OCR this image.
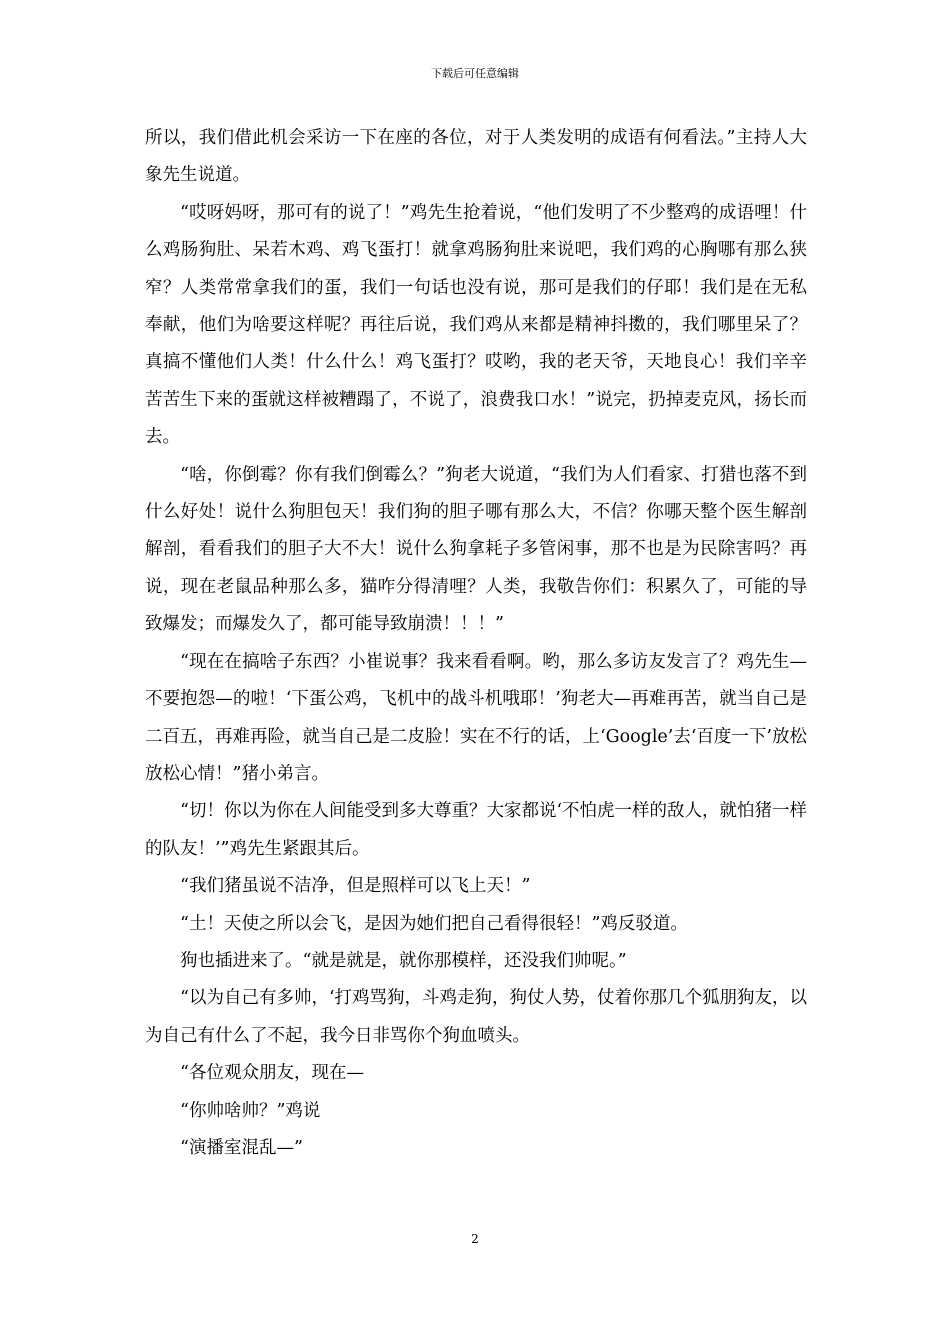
下载后可任意编辑

所以，我们借此机会采访一下在座的各位，对于人类发明的成语有何看法。”主持人大象先生说道。

“哎呀妈呀，那可有的说了！”鸡先生抢着说，“他们发明了不少整鸡的成语哩！什么鸡肠狗肚、呆若木鸡、鸡飞蛋打！就拿鸡肠狗肚来说吧，我们鸡的心胸哪有那么狭窄？人类常常拿我们的蛋，我们一句话也没有说，那可是我们的仔耶！我们是在无私奉献，他们为啥要这样呢？再往后说，我们鸡从来都是精神抖擞的，我们哪里呆了？真搞不懂他们人类！什么什么！鸡飞蛋打？哎哟，我的老天爷，天地良心！我们辛辛苦苦生下来的蛋就这样被糟蹋了，不说了，浪费我口水！”说完，扔掉麦克风，扬长而去。

“啥，你倒霉？你有我们倒霉么？”狗老大说道，“我们为人们看家、打猎也落不到什么好处！说什么狗胆包天！我们狗的胆子哪有那么大，不信？你哪天整个医生解剖解剖，看看我们的胆子大不大！说什么狗拿耗子多管闲事，那不也是为民除害吗？再说，现在老鼠品种那么多，猫咋分得清哩？人类，我敬告你们：积累久了，可能的导致爆发；而爆发久了，都可能导致崩溃！！！”

“现在在搞啥子东西？小崔说事？我来看看啊。哟，那么多访友发言了？鸡先生—不要抱怨—的啦！‘下蛋公鸡，飞机中的战斗机哦耶！’狗老大—再难再苦，就当自己是二百五，再难再险，就当自己是二皮脸！实在不行的话，上‘Google’去‘百度一下’放松放松心情！”猪小弟言。

“切！你以为你在人间能受到多大尊重？大家都说‘不怕虎一样的敌人，就怕猪一样的队友！’”鸡先生紧跟其后。

“我们猪虽说不洁净，但是照样可以飞上天！”

“土！天使之所以会飞，是因为她们把自己看得很轻！”鸡反驳道。

狗也插进来了。“就是就是，就你那模样，还没我们帅呢。”

“以为自己有多帅，‘打鸡骂狗，斗鸡走狗，狗仗人势，仗着你那几个狐朋狗友，以为自己有什么了不起，我今日非骂你个狗血喷头。

“各位观众朋友，现在—

“你帅啥帅？”鸡说

“演播室混乱—”

2
